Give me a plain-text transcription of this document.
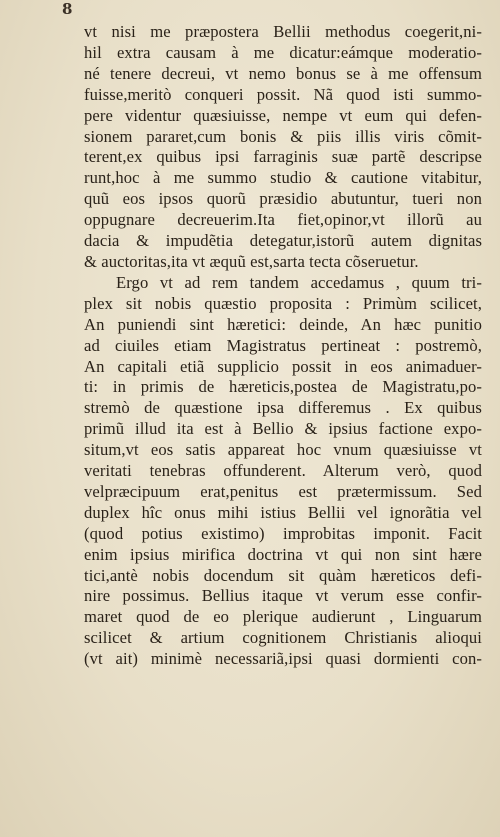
8
vt nisi me præpostera Bellii methodus coegerit,ni-
hil extra causam à me dicatur:eámque moderatio-
né tenere decreui, vt nemo bonus se à me offensum
fuisse,meritò conqueri possit. Nã quod isti summo-
pere videntur quæsiuisse, nempe vt eum qui defen-
sionem pararet,cum bonis & piis illis viris cõmit-
terent,ex quibus ipsi farraginis suæ partẽ descripse
runt,hoc à me summo studio & cautione vitabitur,
quũ eos ipsos quorũ præsidio abutuntur, tueri non
oppugnare decreuerim.Ita fiet,opinor,vt illorũ au
dacia & impudẽtia detegatur,istorũ autem dignitas
& auctoritas,ita vt æquũ est,sarta tecta cõseruetur.
Ergo vt ad rem tandem accedamus , quum tri-
plex sit nobis quæstio proposita : Primùm scilicet,
An puniendi sint hæretici: deinde, An hæc punitio
ad ciuiles etiam Magistratus pertineat : postremò,
An capitali etiã supplicio possit in eos animaduer-
ti: in primis de hæreticis,postea de Magistratu,po-
stremò de quæstione ipsa differemus . Ex quibus
primũ illud ita est à Bellio & ipsius factione expo-
situm,vt eos satis appareat hoc vnum quæsiuisse vt
veritati tenebras offunderent. Alterum verò, quod
velpræcipuum erat,penitus est prætermissum. Sed
duplex hîc onus mihi istius Bellii vel ignorãtia vel
(quod potius existimo) improbitas imponit. Facit
enim ipsius mirifica doctrina vt qui non sint hære
tici,antè nobis docendum sit quàm hæreticos defi-
nire possimus. Bellius itaque vt verum esse confir-
maret quod de eo plerique audierunt , Linguarum
scilicet & artium cognitionem Christianis alioqui
(vt ait) minimè necessariã,ipsi quasi dormienti con-
